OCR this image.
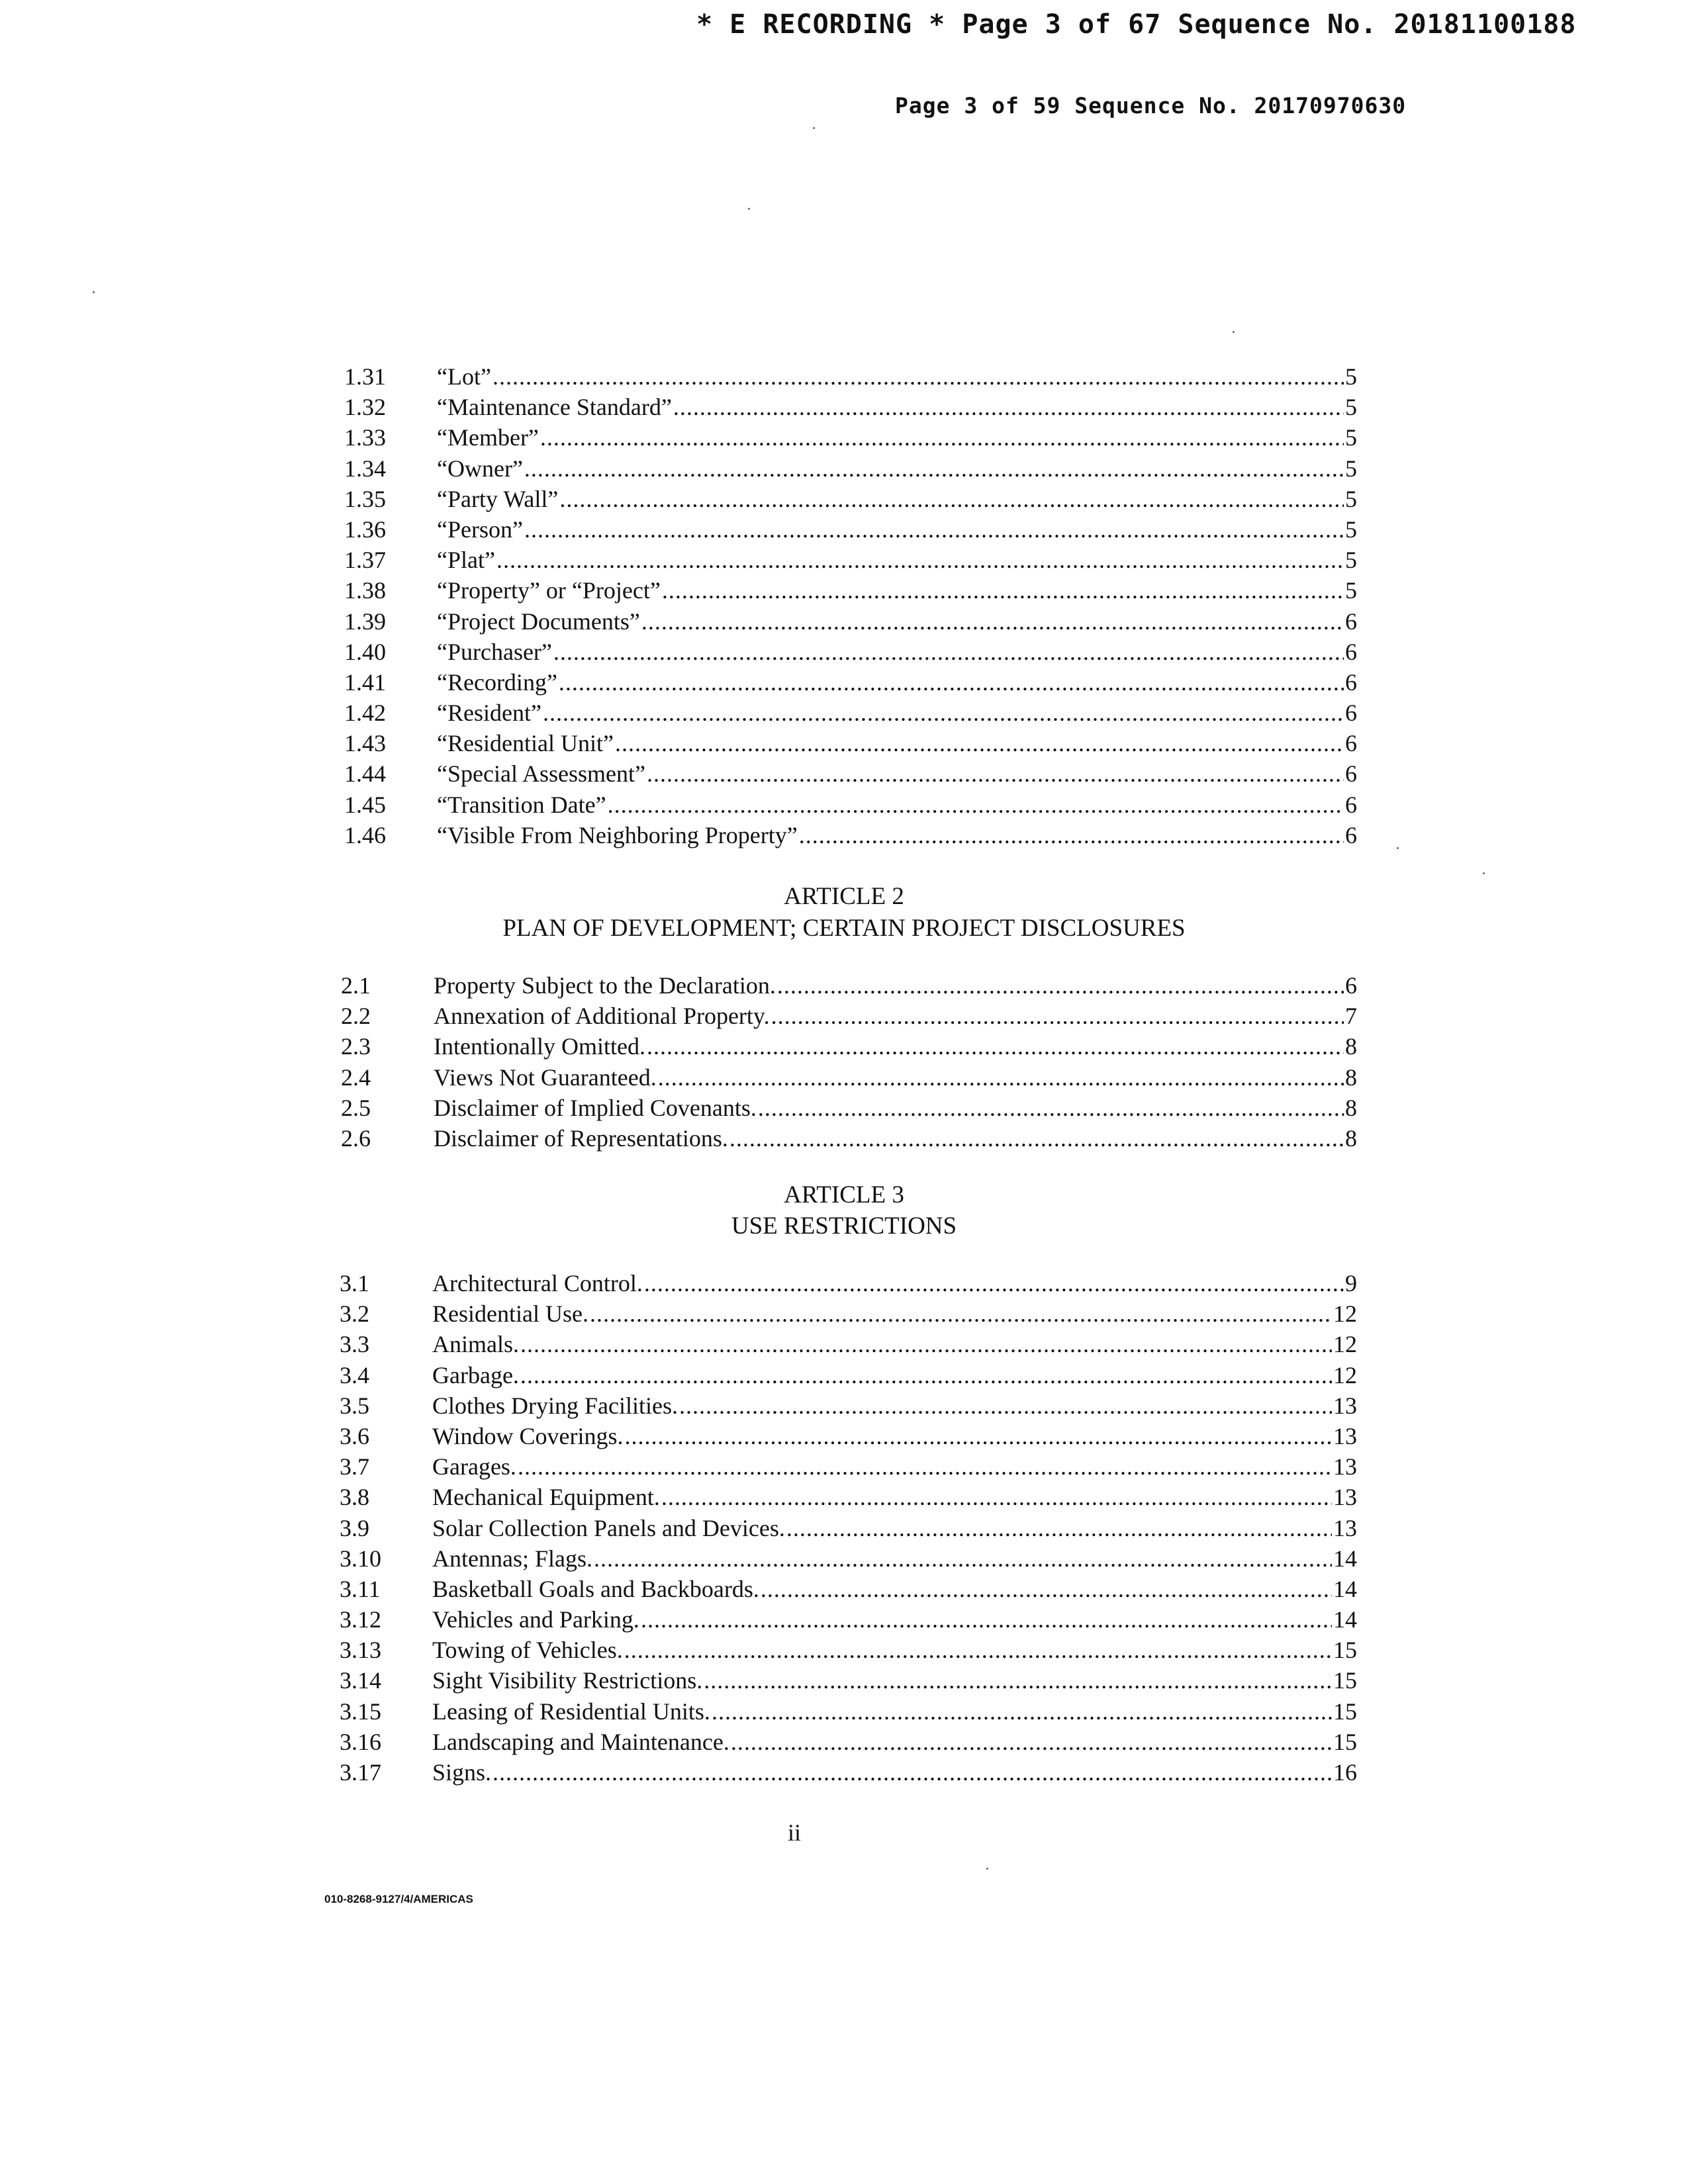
* E RECORDING * Page 3 of 67 Sequence No. 20181100188
Page 3 of 59 Sequence No. 20170970630
1.31 “Lot” .....	5
1.32 “Maintenance Standard” .....	5
1.33 “Member” .....	5
1.34 “Owner” .....	5
1.35 “Party Wall” .....	5
1.36 “Person” .....	5
1.37 “Plat” .....	5
1.38 “Property” or “Project” .....	5
1.39 “Project Documents” .....	6
1.40 “Purchaser” .....	6
1.41 “Recording” .....	6
1.42 “Resident” .....	6
1.43 “Residential Unit” .....	6
1.44 “Special Assessment” .....	6
1.45 “Transition Date” .....	6
1.46 “Visible From Neighboring Property” .....	6
ARTICLE 2
PLAN OF DEVELOPMENT; CERTAIN PROJECT DISCLOSURES
2.1	Property Subject to the Declaration. .....	6
2.2	Annexation of Additional Property. .....	7
2.3	Intentionally Omitted. .....	8
2.4	Views Not Guaranteed. .....	8
2.5	Disclaimer of Implied Covenants. .....	8
2.6	Disclaimer of Representations. .....	8
ARTICLE 3
USE RESTRICTIONS
3.1	Architectural Control. .....	9
3.2	Residential Use. .....	12
3.3	Animals. .....	12
3.4	Garbage. .....	12
3.5	Clothes Drying Facilities. .....	13
3.6	Window Coverings. .....	13
3.7	Garages. .....	13
3.8	Mechanical Equipment. .....	13
3.9	Solar Collection Panels and Devices. .....	13
3.10 Antennas; Flags. .....	14
3.11 Basketball Goals and Backboards. .....	14
3.12 Vehicles and Parking. .....	14
3.13 Towing of Vehicles. .....	15
3.14 Sight Visibility Restrictions. .....	15
3.15 Leasing of Residential Units. .....	15
3.16 Landscaping and Maintenance. .....	15
3.17 Signs. .....	16
ii
010-8268-9127/4/AMERICAS
